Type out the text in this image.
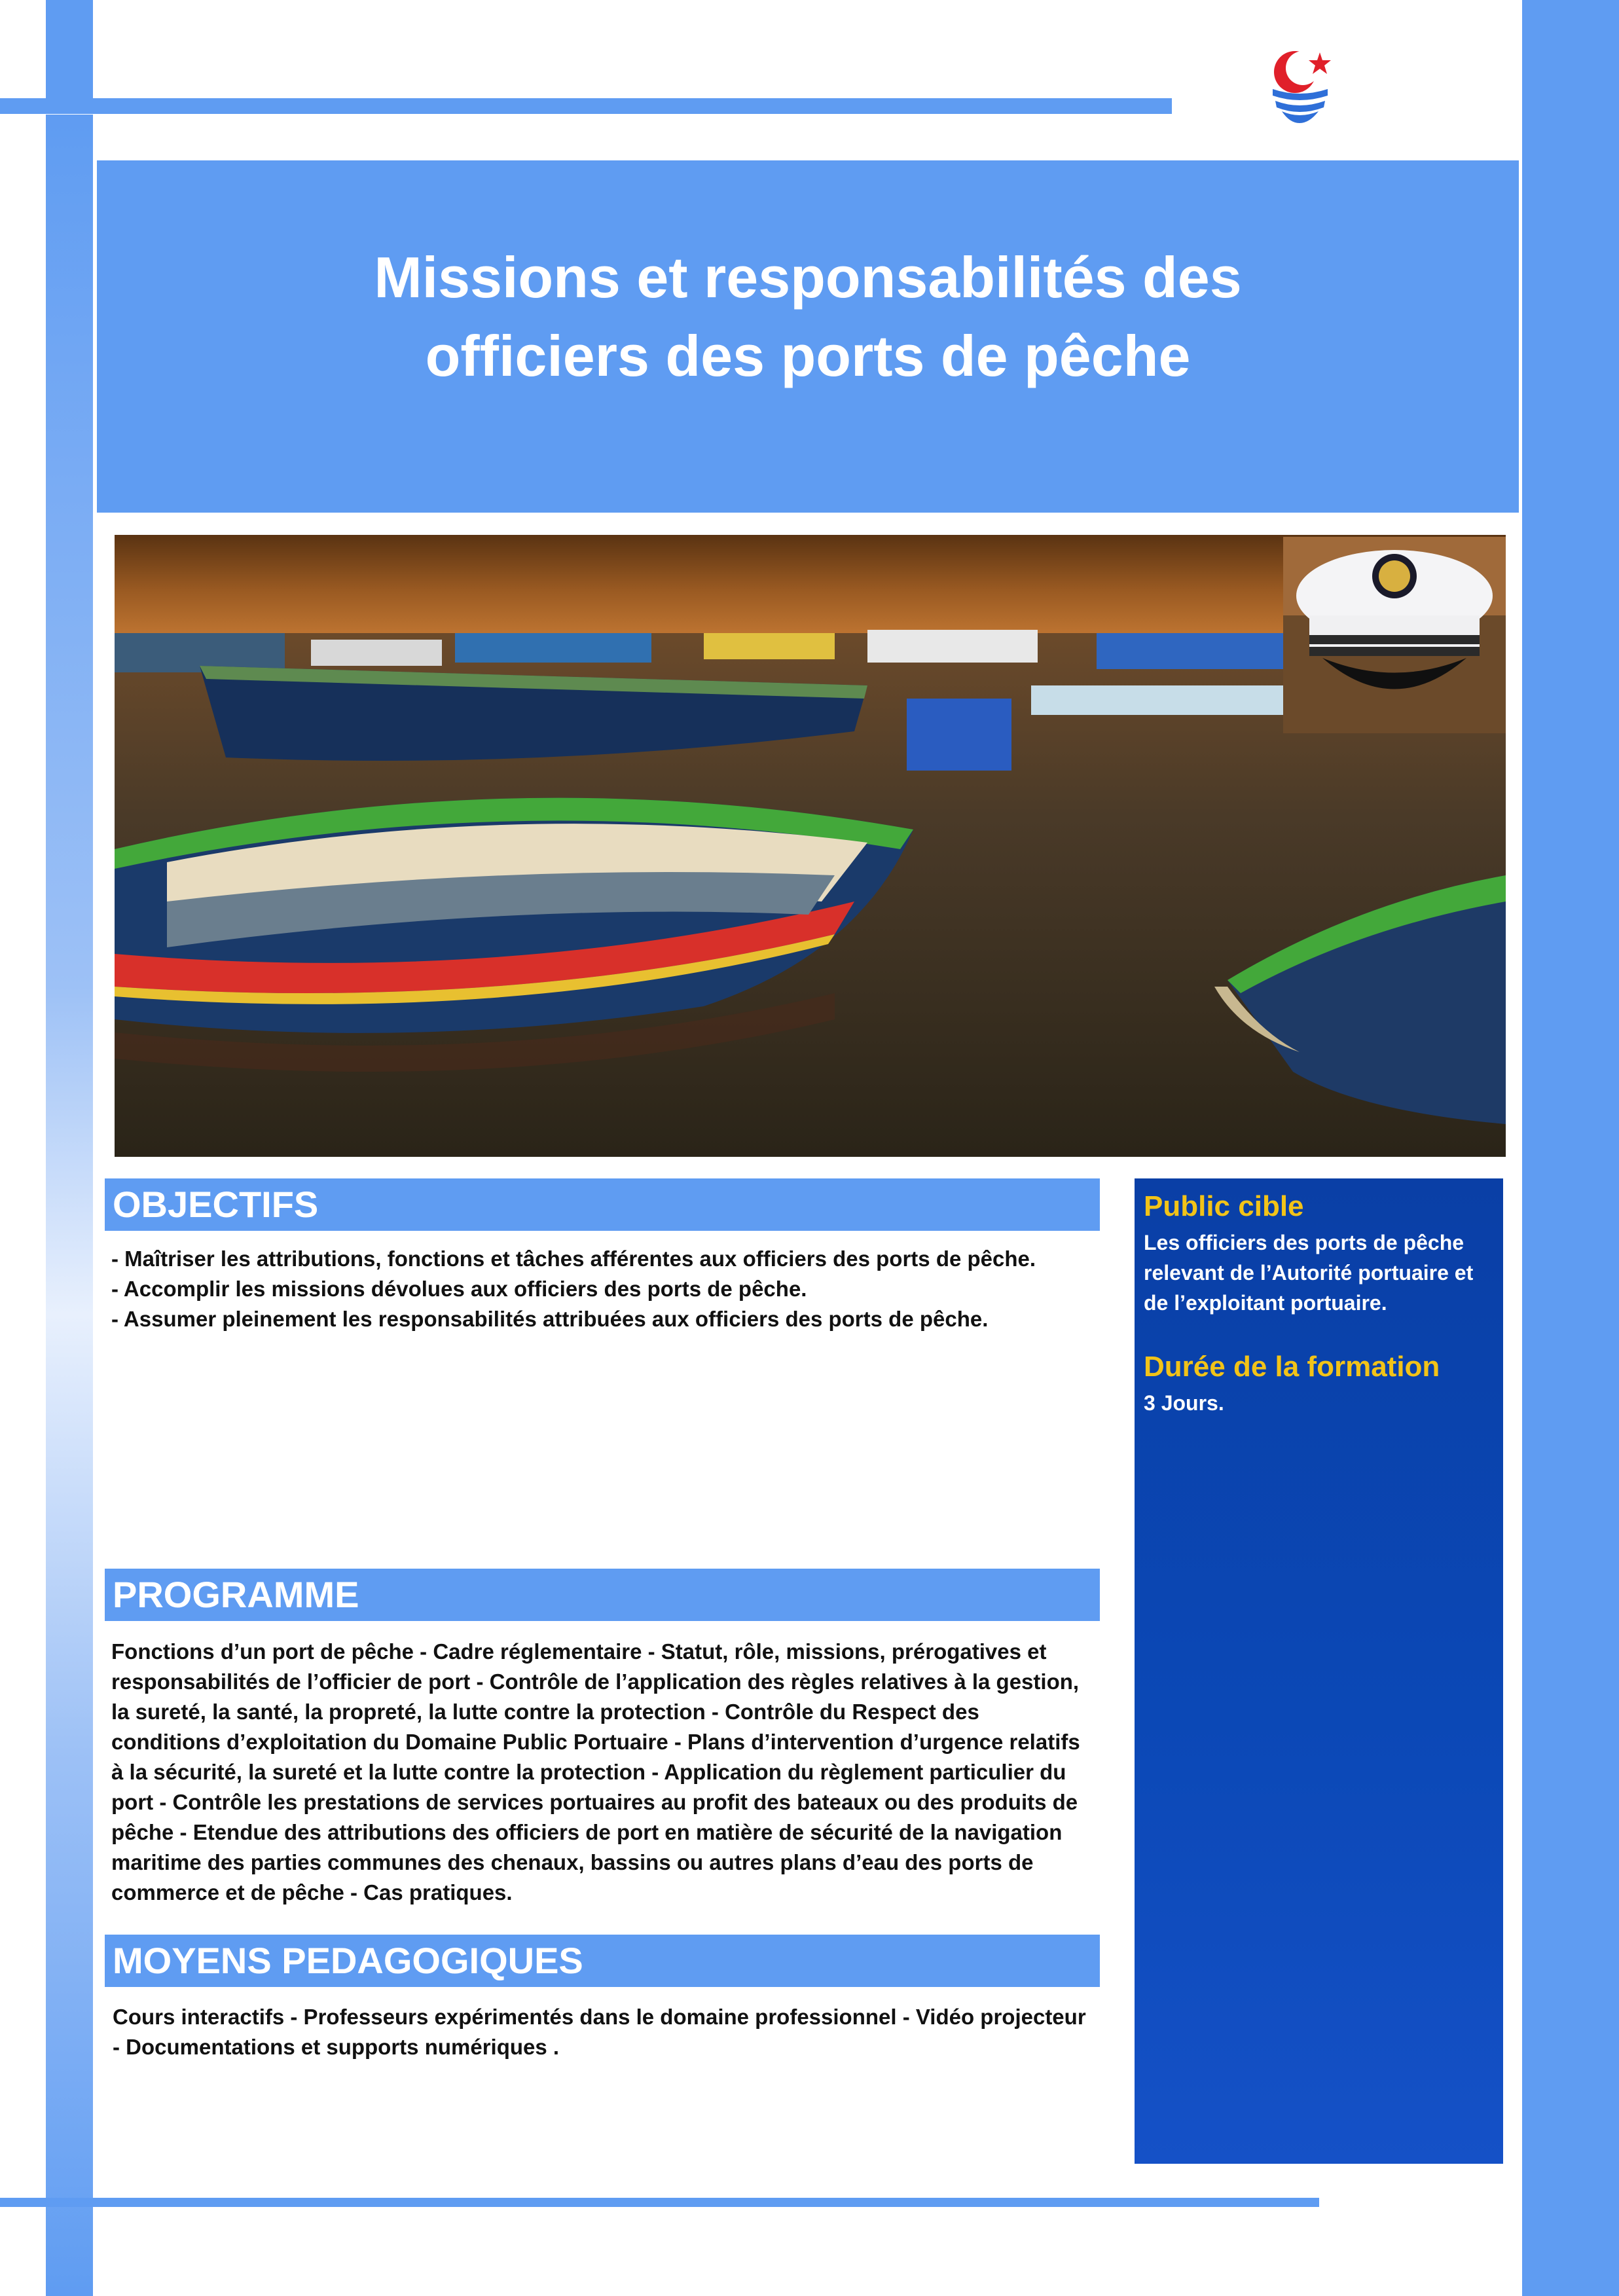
Missions et responsabilités des officiers des ports de pêche
OBJECTIFS
- Maîtriser les attributions, fonctions et tâches afférentes aux officiers des ports de pêche.
- Accomplir les missions dévolues aux officiers des ports de pêche.
- Assumer pleinement les responsabilités attribuées aux officiers des ports de pêche.
Public cible
Les officiers des ports de pêche relevant de l’Autorité portuaire et de l’exploitant portuaire.
Durée de la formation
3 Jours.
PROGRAMME

Fonctions d’un port de pêche - Cadre réglementaire - Statut, rôle, missions, prérogatives et responsabilités de l’officier de port - Contrôle de l’application des règles relatives à la gestion, la sureté, la santé, la propreté, la lutte contre la protection - Contrôle du Respect des conditions d’exploitation du Domaine Public Portuaire - Plans d’intervention d’urgence relatifs à la sécurité, la sureté et la lutte contre la protection - Application du règlement particulier du port - Contrôle les prestations de services portuaires au profit des bateaux ou des produits de pêche - Etendue des attributions des officiers de port en matière de sécurité de la navigation maritime des parties communes des chenaux, bassins ou autres plans d’eau des ports de commerce et de pêche - Cas pratiques.

MOYENS PEDAGOGIQUES

Cours interactifs - Professeurs expérimentés dans le domaine professionnel - Vidéo projecteur - Documentations et supports numériques .
